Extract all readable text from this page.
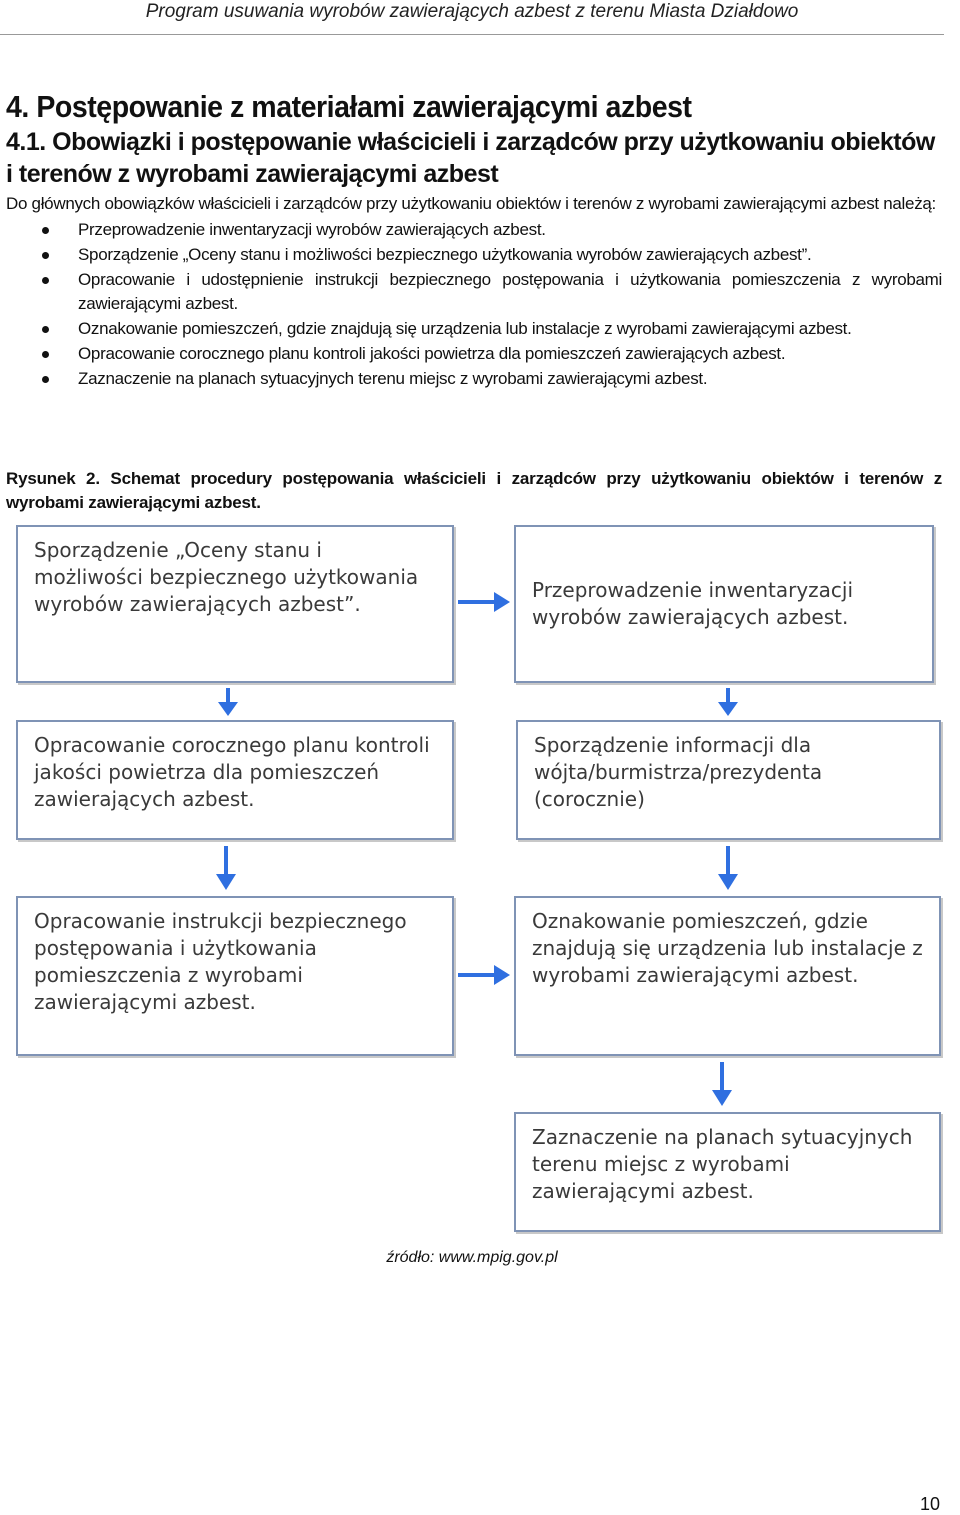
Program usuwania wyrobów zawierających azbest z terenu Miasta Działdowo
4. Postępowanie z materiałami zawierającymi azbest
4.1. Obowiązki i postępowanie właścicieli i zarządców przy użytkowaniu obiektów i terenów z wyrobami zawierającymi azbest

Do głównych obowiązków właścicieli i zarządców przy użytkowaniu obiektów i terenów z wyrobami zawierającymi azbest należą:

Przeprowadzenie inwentaryzacji wyrobów zawierających azbest.
Sporządzenie „Oceny stanu i możliwości bezpiecznego użytkowania wyrobów zawierających azbest”.
Opracowanie i udostępnienie instrukcji bezpiecznego postępowania i użytkowania pomieszczenia z wyrobami zawierającymi azbest.
Oznakowanie pomieszczeń, gdzie znajdują się urządzenia lub instalacje z wyrobami zawierającymi azbest.
Opracowanie corocznego planu kontroli jakości powietrza dla pomieszczeń zawierających azbest.
Zaznaczenie na planach sytuacyjnych terenu miejsc z wyrobami zawierającymi azbest.
Rysunek 2. Schemat procedury postępowania właścicieli i zarządców przy użytkowaniu obiektów i terenów z wyrobami zawierającymi azbest.
Sporządzenie „Oceny stanu i możliwości bezpiecznego użytkowania wyrobów zawierających azbest”.
Przeprowadzenie inwentaryzacji wyrobów zawierających azbest.
Opracowanie corocznego planu kontroli jakości powietrza dla pomieszczeń zawierających azbest.
Sporządzenie informacji dla wójta/burmistrza/prezydenta (corocznie)
Opracowanie instrukcji bezpiecznego postępowania i użytkowania pomieszczenia z wyrobami zawierającymi azbest.
Oznakowanie pomieszczeń, gdzie znajdują się urządzenia lub instalacje z wyrobami zawierającymi azbest.
Zaznaczenie na planach sytuacyjnych terenu miejsc z wyrobami zawierającymi azbest.
źródło: www.mpig.gov.pl
10
